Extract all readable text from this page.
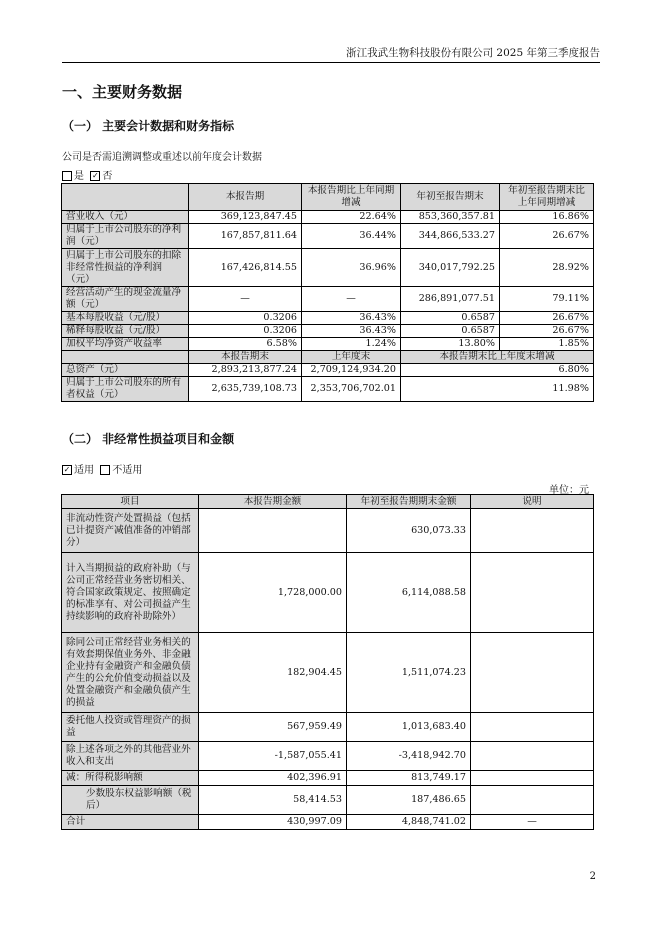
浙江我武生物科技股份有限公司 2025 年第三季度报告
一、主要财务数据
（一） 主要会计数据和财务指标
公司是否需追溯调整或重述以前年度会计数据
是 ✓ 否
	本报告期	本报告期比上年同期增减	年初至报告期末	年初至报告期末比上年同期增减
营业收入（元）	369,123,847.45	22.64%	853,360,357.81	16.86%
归属于上市公司股东的净利润（元）	167,857,811.64	36.44%	344,866,533.27	26.67%
归属于上市公司股东的扣除非经常性损益的净利润（元）	167,426,814.55	36.96%	340,017,792.25	28.92%
经营活动产生的现金流量净额（元）	—	—	286,891,077.51	79.11%
基本每股收益（元/股）	0.3206	36.43%	0.6587	26.67%
稀释每股收益（元/股）	0.3206	36.43%	0.6587	26.67%
加权平均净资产收益率	6.58%	1.24%	13.80%	1.85%
	本报告期末	上年度末	本报告期末比上年度末增减	
总资产（元）	2,893,213,877.24	2,709,124,934.20	6.80%	
归属于上市公司股东的所有者权益（元）	2,635,739,108.73	2,353,706,702.01	11.98%	
（二） 非经常性损益项目和金额
✓ 适用 不适用
单位：元
项目	本报告期金额	年初至报告期期末金额	说明
非流动性资产处置损益（包括已计提资产减值准备的冲销部分）		630,073.33	
计入当期损益的政府补助（与公司正常经营业务密切相关、符合国家政策规定、按照确定的标准享有、对公司损益产生持续影响的政府补助除外）	1,728,000.00	6,114,088.58	
除同公司正常经营业务相关的有效套期保值业务外、非金融企业持有金融资产和金融负债产生的公允价值变动损益以及处置金融资产和金融负债产生的损益	182,904.45	1,511,074.23	
委托他人投资或管理资产的损益	567,959.49	1,013,683.40	
除上述各项之外的其他营业外收入和支出	-1,587,055.41	-3,418,942.70	
减：所得税影响额	402,396.91	813,749.17	
少数股东权益影响额（税后）	58,414.53	187,486.65	
合计	430,997.09	4,848,741.02	—
2
